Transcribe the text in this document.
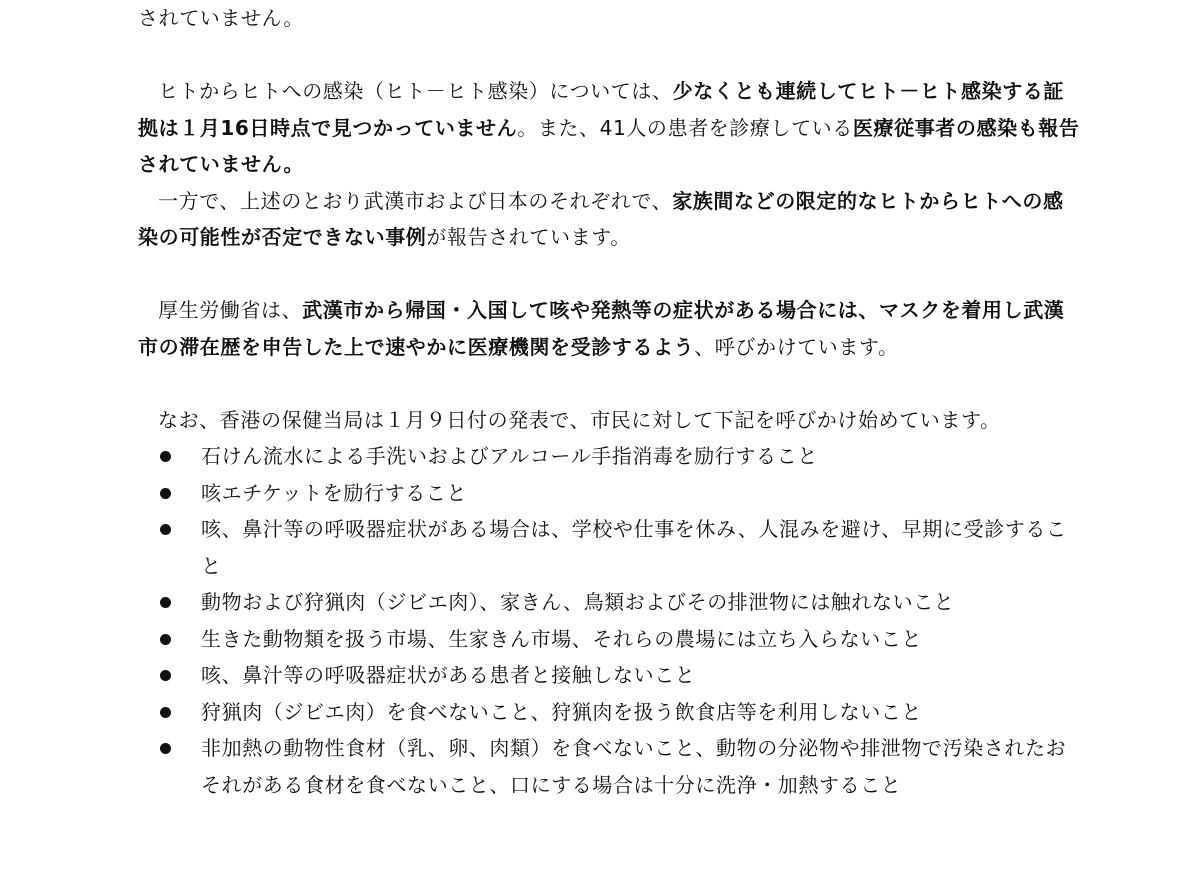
されていません。

ヒトからヒトへの感染（ヒト－ヒト感染）については、少なくとも連続してヒト－ヒト感染する証拠は１月16日時点で見つかっていません。また、41人の患者を診療している医療従事者の感染も報告されていません。

一方で、上述のとおり武漢市および日本のそれぞれで、家族間などの限定的なヒトからヒトへの感染の可能性が否定できない事例が報告されています。

厚生労働省は、武漢市から帰国・入国して咳や発熱等の症状がある場合には、マスクを着用し武漢市の滞在歴を申告した上で速やかに医療機関を受診するよう、呼びかけています。

なお、香港の保健当局は１月９日付の発表で、市民に対して下記を呼びかけ始めています。

石けん流水による手洗いおよびアルコール手指消毒を励行すること
咳エチケットを励行すること
咳、鼻汁等の呼吸器症状がある場合は、学校や仕事を休み、人混みを避け、早期に受診すること
動物および狩猟肉（ジビエ肉）、家きん、鳥類およびその排泄物には触れないこと
生きた動物類を扱う市場、生家きん市場、それらの農場には立ち入らないこと
咳、鼻汁等の呼吸器症状がある患者と接触しないこと
狩猟肉（ジビエ肉）を食べないこと、狩猟肉を扱う飲食店等を利用しないこと
非加熱の動物性食材（乳、卵、肉類）を食べないこと、動物の分泌物や排泄物で汚染されたおそれがある食材を食べないこと、口にする場合は十分に洗浄・加熱すること
